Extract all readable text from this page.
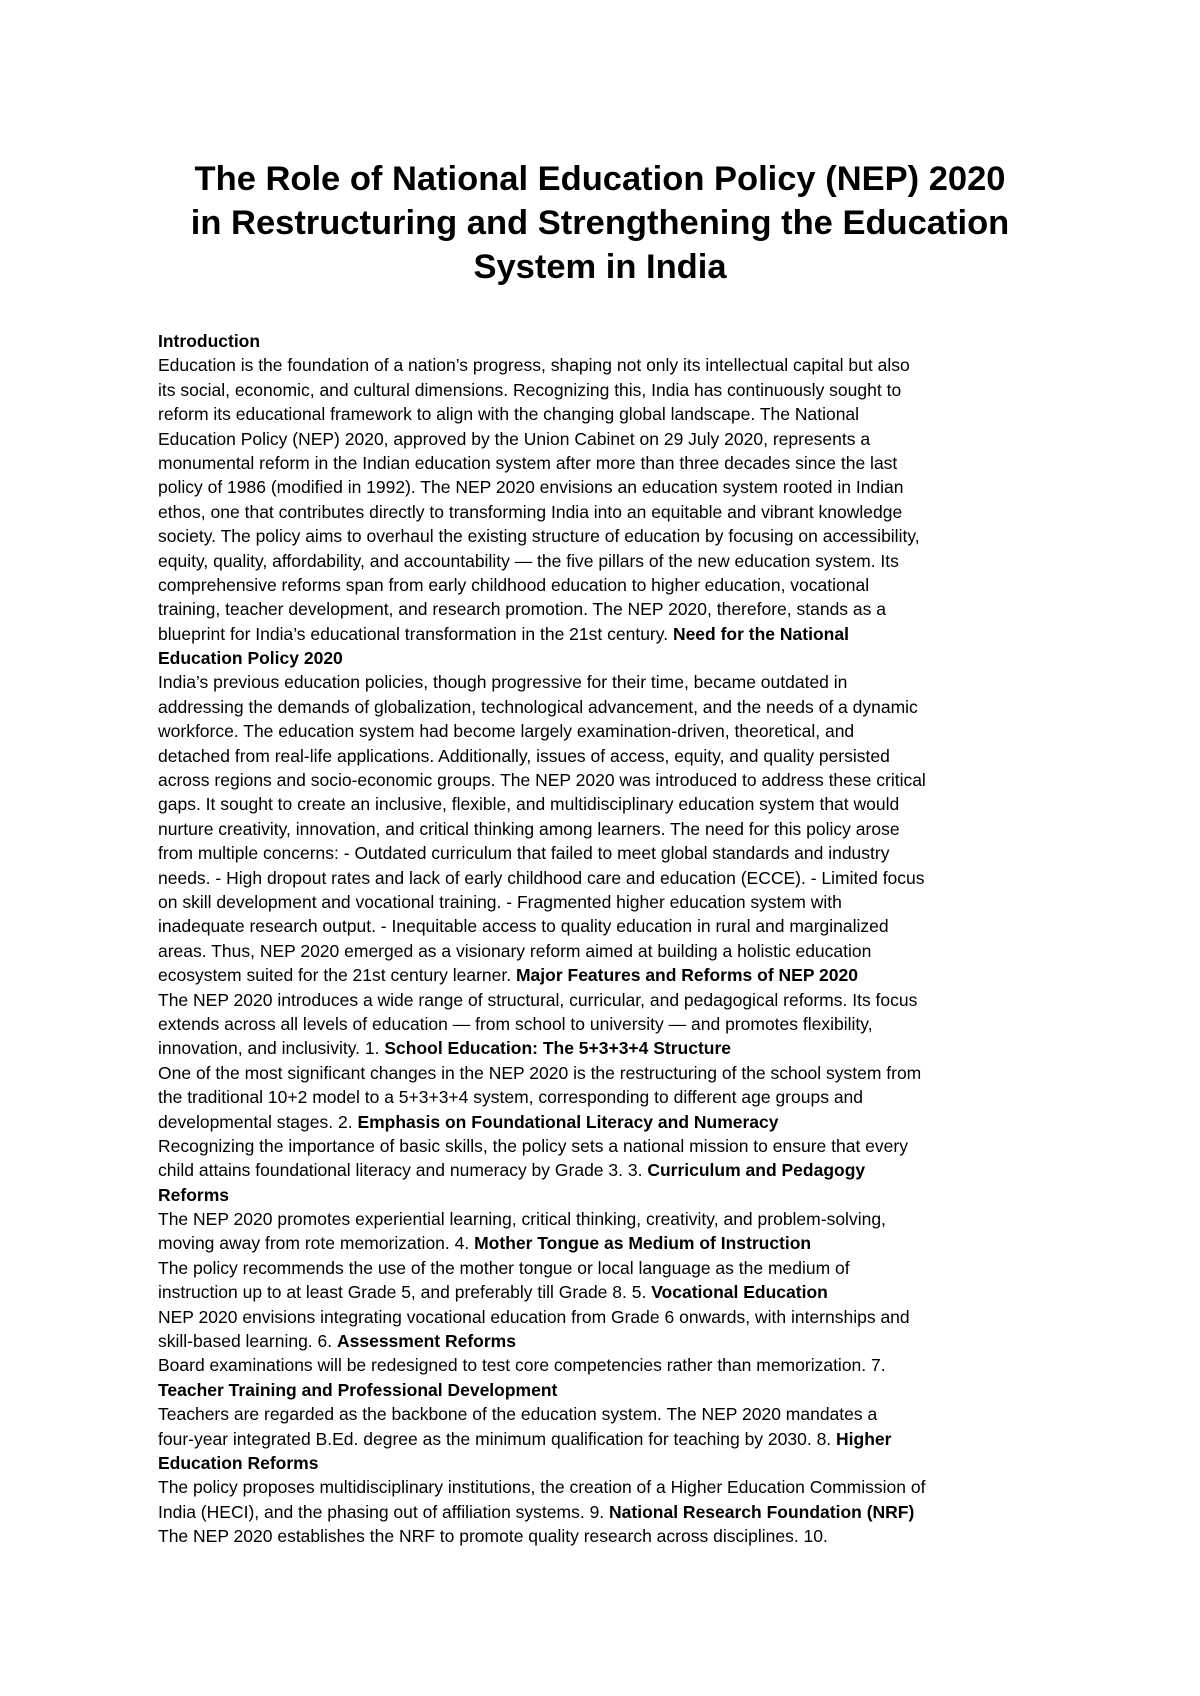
The Role of National Education Policy (NEP) 2020
in Restructuring and Strengthening the Education
System in India
Introduction
Education is the foundation of a nation’s progress, shaping not only its intellectual capital but also
its social, economic, and cultural dimensions. Recognizing this, India has continuously sought to
reform its educational framework to align with the changing global landscape. The National
Education Policy (NEP) 2020, approved by the Union Cabinet on 29 July 2020, represents a
monumental reform in the Indian education system after more than three decades since the last
policy of 1986 (modified in 1992). The NEP 2020 envisions an education system rooted in Indian
ethos, one that contributes directly to transforming India into an equitable and vibrant knowledge
society. The policy aims to overhaul the existing structure of education by focusing on accessibility,
equity, quality, affordability, and accountability — the five pillars of the new education system. Its
comprehensive reforms span from early childhood education to higher education, vocational
training, teacher development, and research promotion. The NEP 2020, therefore, stands as a
blueprint for India’s educational transformation in the 21st century. Need for the National
Education Policy 2020
India’s previous education policies, though progressive for their time, became outdated in
addressing the demands of globalization, technological advancement, and the needs of a dynamic
workforce. The education system had become largely examination-driven, theoretical, and
detached from real-life applications. Additionally, issues of access, equity, and quality persisted
across regions and socio-economic groups. The NEP 2020 was introduced to address these critical
gaps. It sought to create an inclusive, flexible, and multidisciplinary education system that would
nurture creativity, innovation, and critical thinking among learners. The need for this policy arose
from multiple concerns: - Outdated curriculum that failed to meet global standards and industry
needs. - High dropout rates and lack of early childhood care and education (ECCE). - Limited focus
on skill development and vocational training. - Fragmented higher education system with
inadequate research output. - Inequitable access to quality education in rural and marginalized
areas. Thus, NEP 2020 emerged as a visionary reform aimed at building a holistic education
ecosystem suited for the 21st century learner. Major Features and Reforms of NEP 2020
The NEP 2020 introduces a wide range of structural, curricular, and pedagogical reforms. Its focus
extends across all levels of education — from school to university — and promotes flexibility,
innovation, and inclusivity. 1. School Education: The 5+3+3+4 Structure
One of the most significant changes in the NEP 2020 is the restructuring of the school system from
the traditional 10+2 model to a 5+3+3+4 system, corresponding to different age groups and
developmental stages. 2. Emphasis on Foundational Literacy and Numeracy
Recognizing the importance of basic skills, the policy sets a national mission to ensure that every
child attains foundational literacy and numeracy by Grade 3. 3. Curriculum and Pedagogy
Reforms
The NEP 2020 promotes experiential learning, critical thinking, creativity, and problem-solving,
moving away from rote memorization. 4. Mother Tongue as Medium of Instruction
The policy recommends the use of the mother tongue or local language as the medium of
instruction up to at least Grade 5, and preferably till Grade 8. 5. Vocational Education
NEP 2020 envisions integrating vocational education from Grade 6 onwards, with internships and
skill-based learning. 6. Assessment Reforms
Board examinations will be redesigned to test core competencies rather than memorization. 7.
Teacher Training and Professional Development
Teachers are regarded as the backbone of the education system. The NEP 2020 mandates a
four-year integrated B.Ed. degree as the minimum qualification for teaching by 2030. 8. Higher
Education Reforms
The policy proposes multidisciplinary institutions, the creation of a Higher Education Commission of
India (HECI), and the phasing out of affiliation systems. 9. National Research Foundation (NRF)
The NEP 2020 establishes the NRF to promote quality research across disciplines. 10.
